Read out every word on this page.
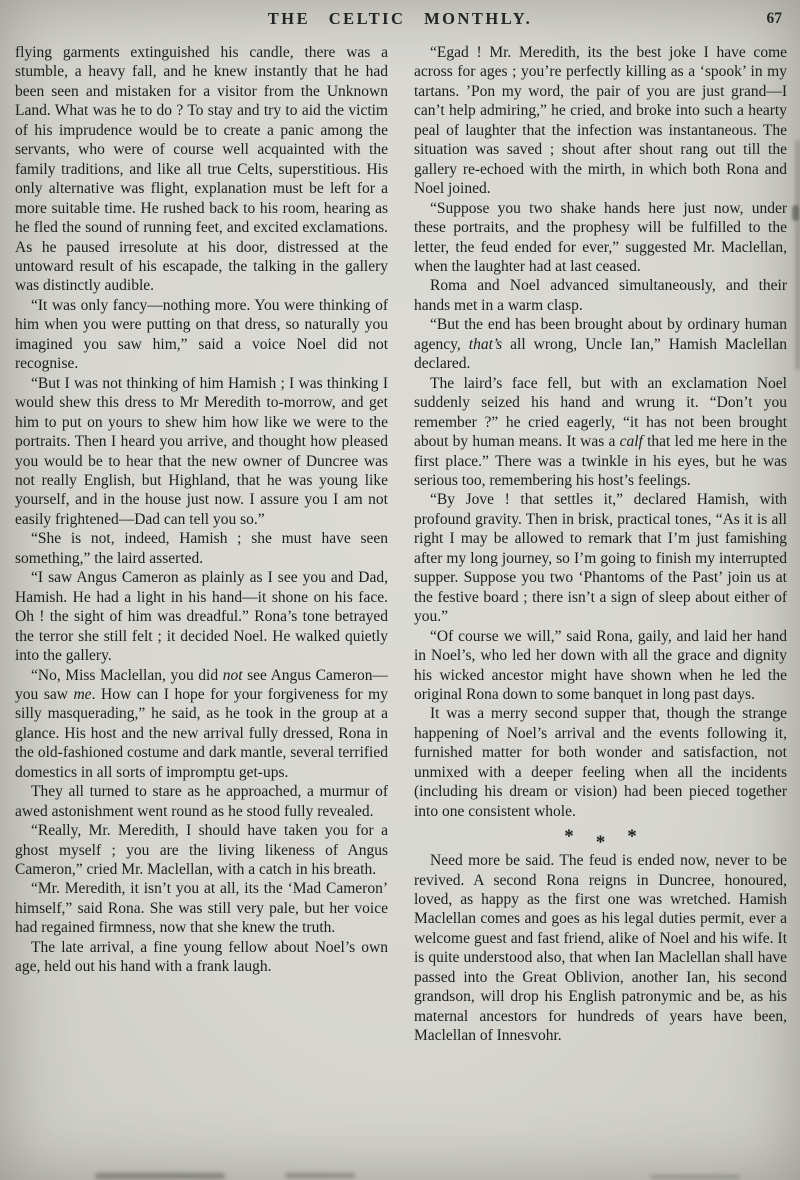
THE CELTIC MONTHLY.	67

flying garments extinguished his candle, there was a stumble, a heavy fall, and he knew instantly that he had been seen and mistaken for a visitor from the Unknown Land. What was he to do ? To stay and try to aid the victim of his imprudence would be to create a panic among the servants, who were of course well acquainted with the family traditions, and like all true Celts, superstitious. His only alternative was flight, explanation must be left for a more suitable time. He rushed back to his room, hearing as he fled the sound of running feet, and excited exclamations. As he paused irresolute at his door, distressed at the untoward result of his escapade, the talking in the gallery was distinctly audible.

“It was only fancy—nothing more. You were thinking of him when you were putting on that dress, so naturally you imagined you saw him,” said a voice Noel did not recognise.

“But I was not thinking of him Hamish ; I was thinking I would shew this dress to Mr Meredith to-morrow, and get him to put on yours to shew him how like we were to the portraits. Then I heard you arrive, and thought how pleased you would be to hear that the new owner of Duncree was not really English, but Highland, that he was young like yourself, and in the house just now. I assure you I am not easily frightened—Dad can tell you so.”

“She is not, indeed, Hamish ; she must have seen something,” the laird asserted.

“I saw Angus Cameron as plainly as I see you and Dad, Hamish. He had a light in his hand—it shone on his face. Oh ! the sight of him was dreadful.” Rona’s tone betrayed the terror she still felt ; it decided Noel. He walked quietly into the gallery.

“No, Miss Maclellan, you did not see Angus Cameron—you saw me. How can I hope for your forgiveness for my silly masquerading,” he said, as he took in the group at a glance. His host and the new arrival fully dressed, Rona in the old-fashioned costume and dark mantle, several terrified domestics in all sorts of impromptu get-ups.

They all turned to stare as he approached, a murmur of awed astonishment went round as he stood fully revealed.

“Really, Mr. Meredith, I should have taken you for a ghost myself ; you are the living likeness of Angus Cameron,” cried Mr. Maclellan, with a catch in his breath.

“Mr. Meredith, it isn’t you at all, its the ‘Mad Cameron’ himself,” said Rona. She was still very pale, but her voice had regained firmness, now that she knew the truth.

The late arrival, a fine young fellow about Noel’s own age, held out his hand with a frank laugh.

“Egad ! Mr. Meredith, its the best joke I have come across for ages ; you’re perfectly killing as a ‘spook’ in my tartans. ’Pon my word, the pair of you are just grand—I can’t help admiring,” he cried, and broke into such a hearty peal of laughter that the infection was instantaneous. The situation was saved ; shout after shout rang out till the gallery re-echoed with the mirth, in which both Rona and Noel joined.

“Suppose you two shake hands here just now, under these portraits, and the prophesy will be fulfilled to the letter, the feud ended for ever,” suggested Mr. Maclellan, when the laughter had at last ceased.

Roma and Noel advanced simultaneously, and their hands met in a warm clasp.

“But the end has been brought about by ordinary human agency, that’s all wrong, Uncle Ian,” Hamish Maclellan declared.

The laird’s face fell, but with an exclamation Noel suddenly seized his hand and wrung it. “Don’t you remember ?” he cried eagerly, “it has not been brought about by human means. It was a calf that led me here in the first place.” There was a twinkle in his eyes, but he was serious too, remembering his host’s feelings.

“By Jove ! that settles it,” declared Hamish, with profound gravity. Then in brisk, practical tones, “As it is all right I may be allowed to remark that I’m just famishing after my long journey, so I’m going to finish my interrupted supper. Suppose you two ‘Phantoms of the Past’ join us at the festive board ; there isn’t a sign of sleep about either of you.”

“Of course we will,” said Rona, gaily, and laid her hand in Noel’s, who led her down with all the grace and dignity his wicked ancestor might have shown when he led the original Rona down to some banquet in long past days.

It was a merry second supper that, though the strange happening of Noel’s arrival and the events following it, furnished matter for both wonder and satisfaction, not unmixed with a deeper feeling when all the incidents (including his dream or vision) had been pieced together into one consistent whole.

* * *

Need more be said. The feud is ended now, never to be revived. A second Rona reigns in Duncree, honoured, loved, as happy as the first one was wretched. Hamish Maclellan comes and goes as his legal duties permit, ever a welcome guest and fast friend, alike of Noel and his wife. It is quite understood also, that when Ian Maclellan shall have passed into the Great Oblivion, another Ian, his second grandson, will drop his English patronymic and be, as his maternal ancestors for hundreds of years have been, Maclellan of Innesvohr.
